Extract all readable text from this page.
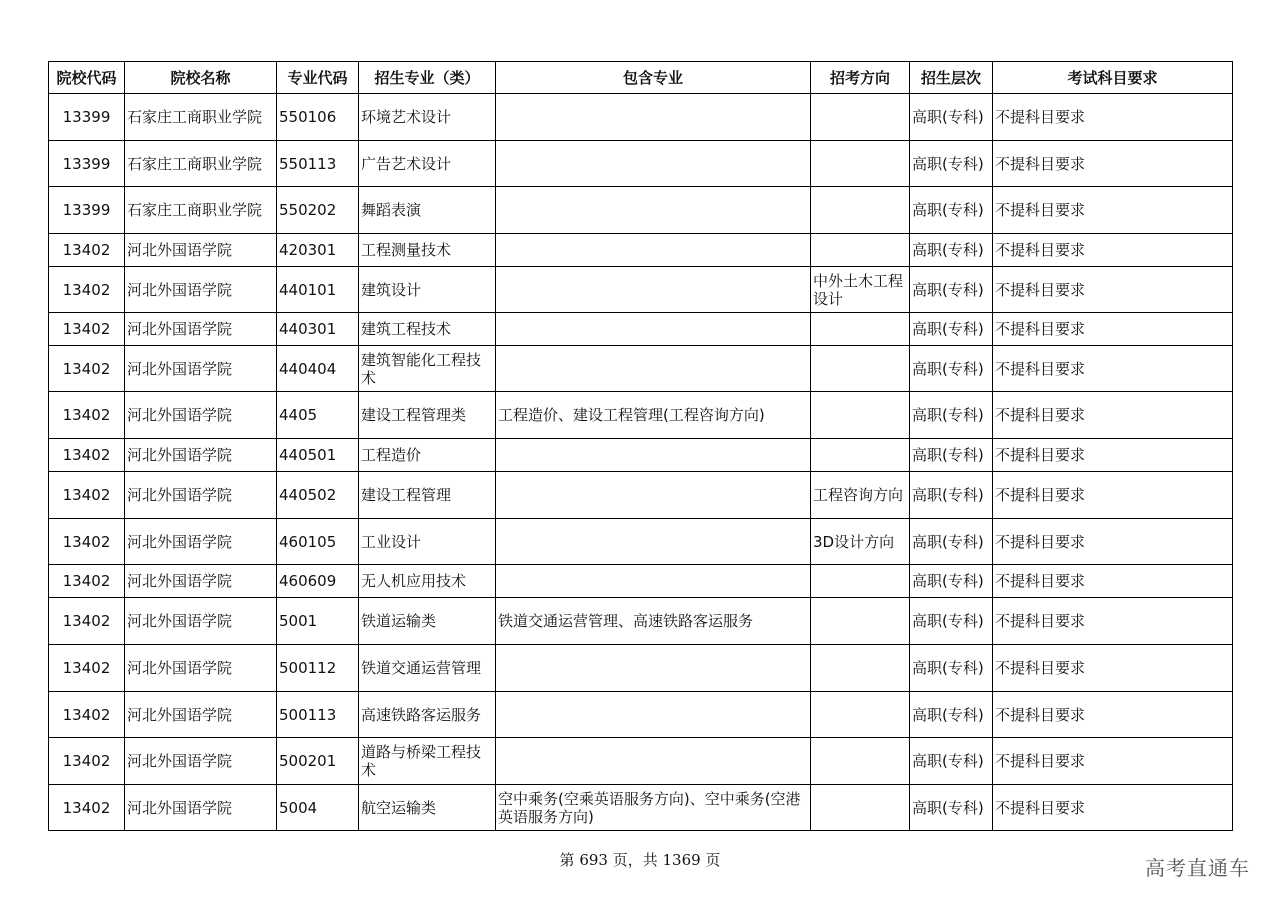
院校代码	院校名称	专业代码	招生专业（类）	包含专业	招考方向	招生层次	考试科目要求
13399	石家庄工商职业学院	550106	环境艺术设计			高职(专科)	不提科目要求
13399	石家庄工商职业学院	550113	广告艺术设计			高职(专科)	不提科目要求
13399	石家庄工商职业学院	550202	舞蹈表演			高职(专科)	不提科目要求
13402	河北外国语学院	420301	工程测量技术			高职(专科)	不提科目要求
13402	河北外国语学院	440101	建筑设计		中外土木工程设计	高职(专科)	不提科目要求
13402	河北外国语学院	440301	建筑工程技术			高职(专科)	不提科目要求
13402	河北外国语学院	440404	建筑智能化工程技术			高职(专科)	不提科目要求
13402	河北外国语学院	4405	建设工程管理类	工程造价、建设工程管理(工程咨询方向)		高职(专科)	不提科目要求
13402	河北外国语学院	440501	工程造价			高职(专科)	不提科目要求
13402	河北外国语学院	440502	建设工程管理		工程咨询方向	高职(专科)	不提科目要求
13402	河北外国语学院	460105	工业设计		3D设计方向	高职(专科)	不提科目要求
13402	河北外国语学院	460609	无人机应用技术			高职(专科)	不提科目要求
13402	河北外国语学院	5001	铁道运输类	铁道交通运营管理、高速铁路客运服务		高职(专科)	不提科目要求
13402	河北外国语学院	500112	铁道交通运营管理			高职(专科)	不提科目要求
13402	河北外国语学院	500113	高速铁路客运服务			高职(专科)	不提科目要求
13402	河北外国语学院	500201	道路与桥梁工程技术			高职(专科)	不提科目要求
13402	河北外国语学院	5004	航空运输类	空中乘务(空乘英语服务方向)、空中乘务(空港英语服务方向)		高职(专科)	不提科目要求
第 693 页，共 1369 页	高考直通车
